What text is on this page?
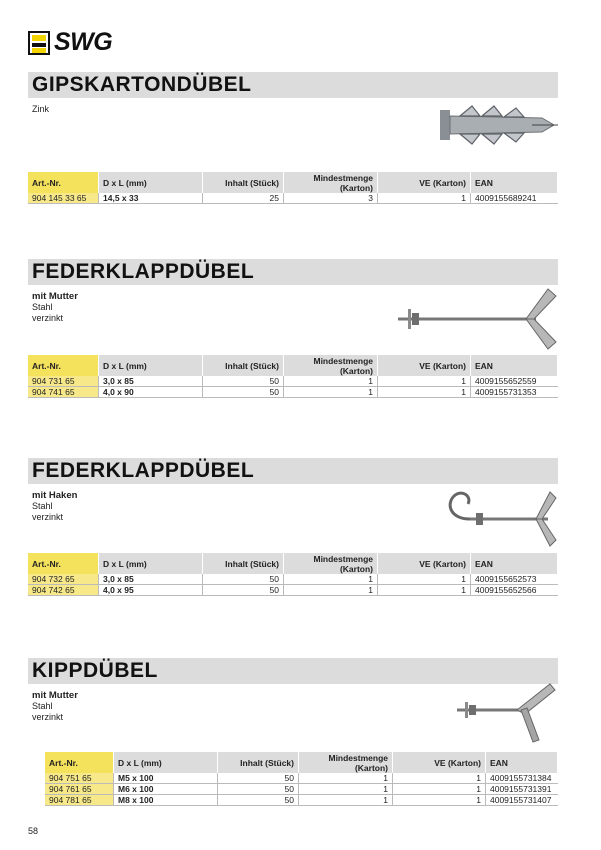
SWG
GIPSKARTONDÜBEL
Zink
Art.-Nr.	D x L (mm)	Inhalt (Stück)	Mindestmenge (Karton)	VE (Karton)	EAN
904 145 33 65	14,5 x 33	25	3	1	4009155689241
FEDERKLAPPDÜBEL
mit Mutter
Stahl
verzinkt
Art.-Nr.	D x L (mm)	Inhalt (Stück)	Mindestmenge (Karton)	VE (Karton)	EAN
904 731 65	3,0 x 85	50	1	1	4009155652559
904 741 65	4,0 x 90	50	1	1	4009155731353
FEDERKLAPPDÜBEL
mit Haken
Stahl
verzinkt
Art.-Nr.	D x L (mm)	Inhalt (Stück)	Mindestmenge (Karton)	VE (Karton)	EAN
904 732 65	3,0 x 85	50	1	1	4009155652573
904 742 65	4,0 x 95	50	1	1	4009155652566
KIPPDÜBEL
mit Mutter
Stahl
verzinkt
Art.-Nr.	D x L (mm)	Inhalt (Stück)	Mindestmenge (Karton)	VE (Karton)	EAN
904 751 65	M5 x 100	50	1	1	4009155731384
904 761 65	M6 x 100	50	1	1	4009155731391
904 781 65	M8 x 100	50	1	1	4009155731407
58
